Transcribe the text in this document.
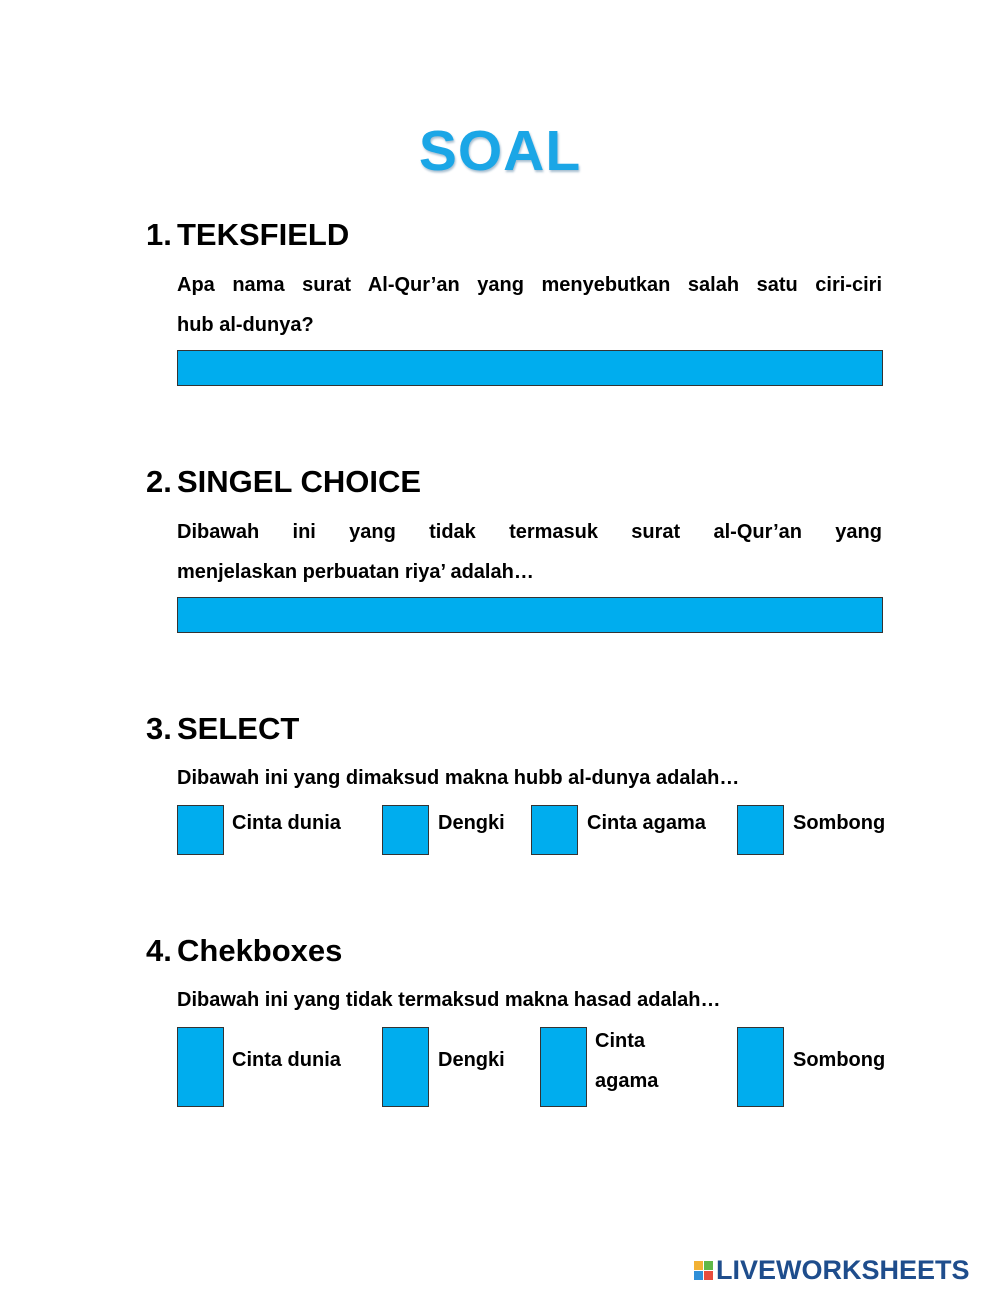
SOAL
1. TEKSFIELD
Apa nama surat Al-Qur’an yang menyebutkan salah satu ciri-ciri
hub al-dunya?
2. SINGEL CHOICE
Dibawah ini yang tidak termasuk surat al-Qur’an yang
menjelaskan perbuatan riya’ adalah…
3. SELECT
Dibawah ini yang dimaksud makna hubb al-dunya adalah…
Cinta dunia	Dengki	Cinta agama	Sombong
4. Chekboxes
Dibawah ini yang tidak termaksud makna hasad adalah…
Cinta dunia	Dengki
Cinta
agama
Sombong
LIVEWORKSHEETS
